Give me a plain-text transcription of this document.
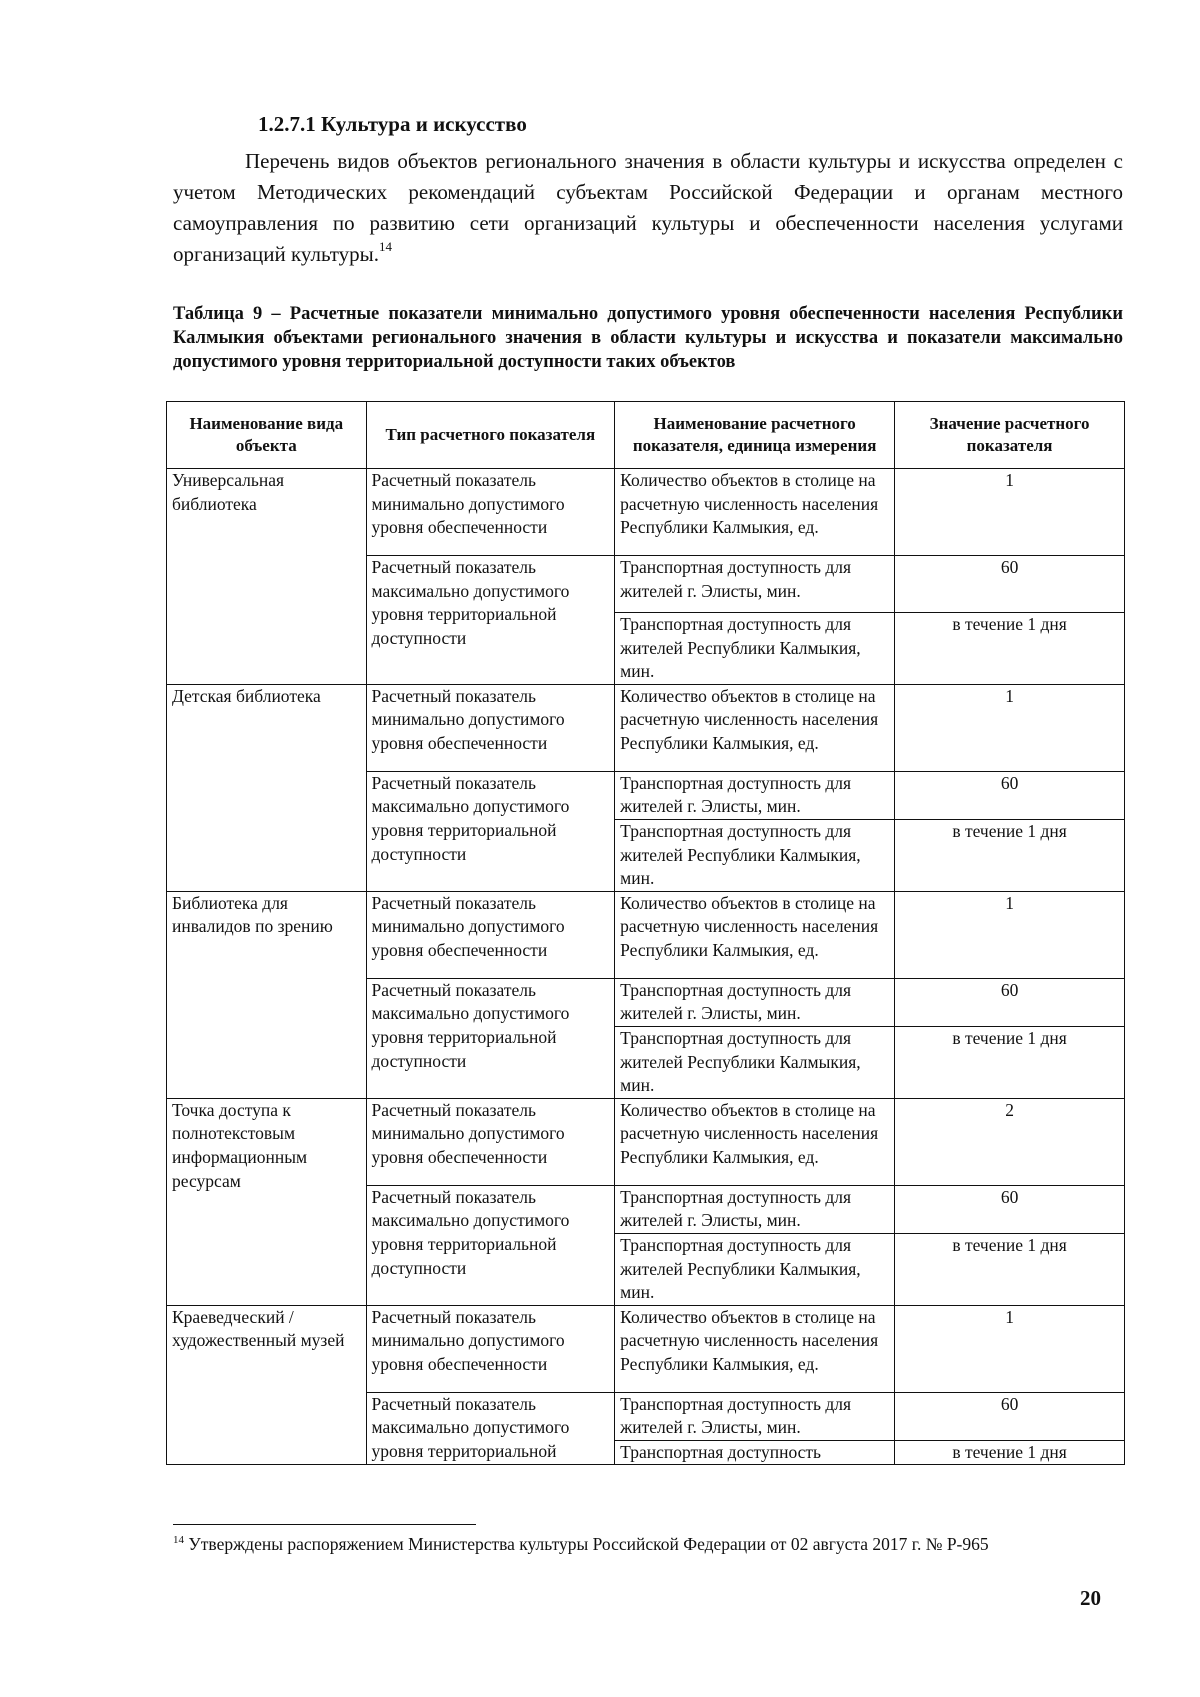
1.2.7.1 Культура и искусство
Перечень видов объектов регионального значения в области культуры и искусства определен с учетом Методических рекомендаций субъектам Российской Федерации и органам местного самоуправления по развитию сети организаций культуры и обеспеченности населения услугами организаций культуры.$^{14}$
Таблица 9 – Расчетные показатели минимально допустимого уровня обеспеченности населения Республики Калмыкия объектами регионального значения в области культуры и искусства и показатели максимально допустимого уровня территориальной доступности таких объектов
Наименование вида объекта	Тип расчетного показателя	Наименование расчетного показателя, единица измерения	Значение расчетного показателя
Универсальная библиотека	Расчетный показатель минимально допустимого уровня обеспеченности	Количество объектов в столице на расчетную численность населения Республики Калмыкия, ед.	1
	Расчетный показатель максимально допустимого уровня территориальной доступности	Транспортная доступность для жителей г. Элисты, мин.	60
		Транспортная доступность для жителей Республики Калмыкия, мин.	в течение 1 дня
Детская библиотека	Расчетный показатель минимально допустимого уровня обеспеченности	Количество объектов в столице на расчетную численность населения Республики Калмыкия, ед.	1
	Расчетный показатель максимально допустимого уровня территориальной доступности	Транспортная доступность для жителей г. Элисты, мин.	60
		Транспортная доступность для жителей Республики Калмыкия, мин.	в течение 1 дня
Библиотека для инвалидов по зрению	Расчетный показатель минимально допустимого уровня обеспеченности	Количество объектов в столице на расчетную численность населения Республики Калмыкия, ед.	1
	Расчетный показатель максимально допустимого уровня территориальной доступности	Транспортная доступность для жителей г. Элисты, мин.	60
		Транспортная доступность для жителей Республики Калмыкия, мин.	в течение 1 дня
Точка доступа к полнотекстовым информационным ресурсам	Расчетный показатель минимально допустимого уровня обеспеченности	Количество объектов в столице на расчетную численность населения Республики Калмыкия, ед.	2
	Расчетный показатель максимально допустимого уровня территориальной доступности	Транспортная доступность для жителей г. Элисты, мин.	60
		Транспортная доступность для жителей Республики Калмыкия, мин.	в течение 1 дня
Краеведческий / художественный музей	Расчетный показатель минимально допустимого уровня обеспеченности	Количество объектов в столице на расчетную численность населения Республики Калмыкия, ед.	1
	Расчетный показатель максимально допустимого уровня территориальной	Транспортная доступность для жителей г. Элисты, мин.	60
		Транспортная доступность	в течение 1 дня
$^{14}$ Утверждены распоряжением Министерства культуры Российской Федерации от 02 августа 2017 г. № Р-965
20
